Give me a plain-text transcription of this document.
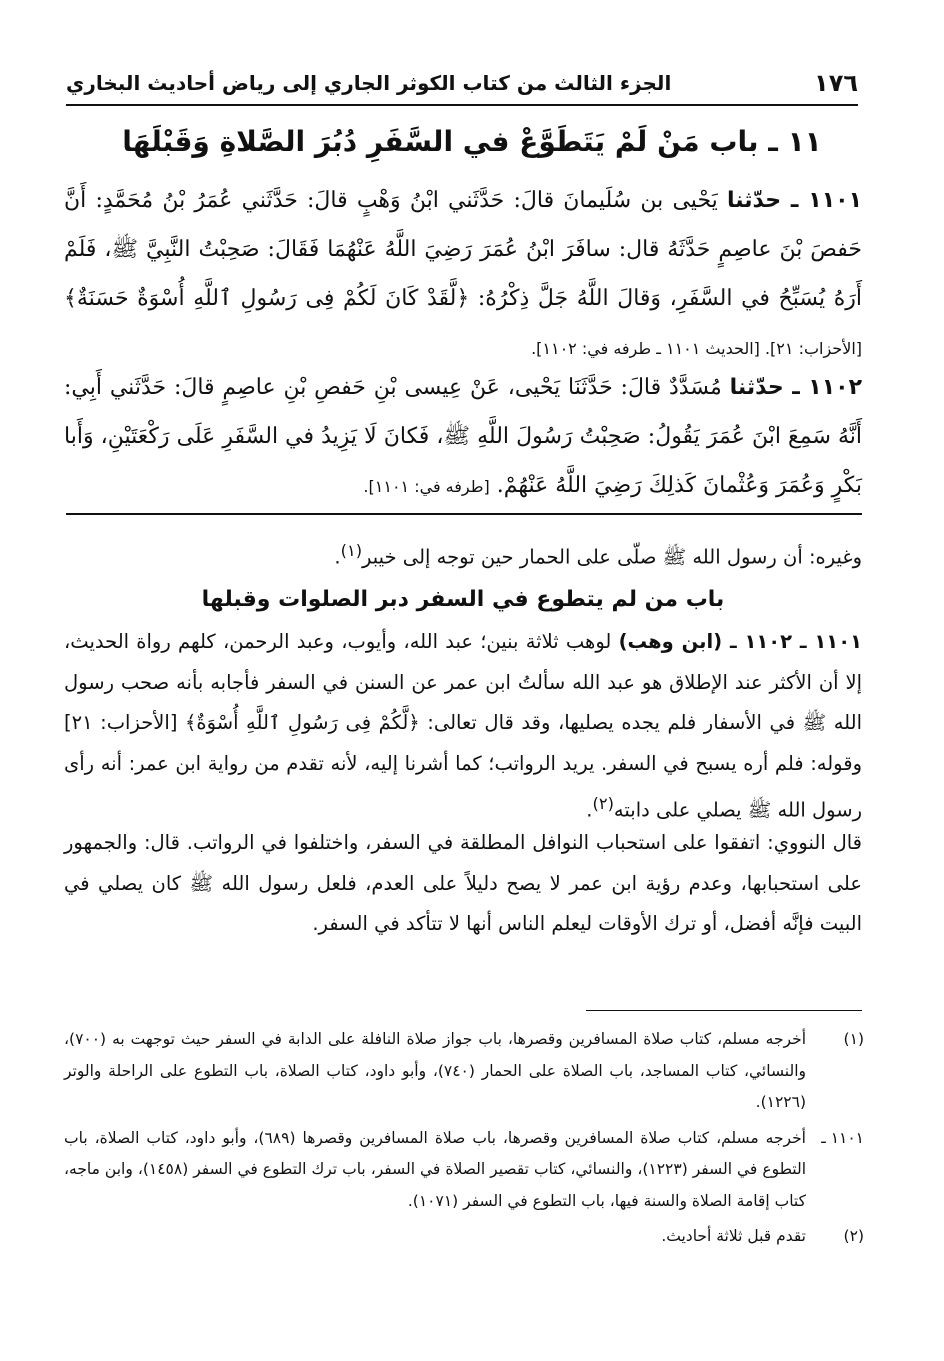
١٧٦
الجزء الثالث من كتاب الكوثر الجاري إلى رياض أحاديث البخاري
١١ ـ باب مَنْ لَمْ يَتَطَوَّعْ في السَّفَرِ دُبُرَ الصَّلاةِ وَقَبْلَهَا

١١٠١ ـ حدّثنا يَحْيى بن سُلَيمانَ قالَ: حَدَّثَني ابْنُ وَهْبٍ قالَ: حَدَّثَني عُمَرُ بْنُ مُحَمَّدٍ: أَنَّ حَفصَ بْنَ عاصِمٍ حَدَّثَهُ قال: سافَرَ ابْنُ عُمَرَ رَضِيَ اللَّهُ عَنْهُمَا فَقَالَ: صَحِبْتُ النَّبِيَّ ﷺ، فَلَمْ أَرَهُ يُسَبِّحُ في السَّفَرِ، وَقالَ اللَّهُ جَلَّ ذِكْرُهُ: ﴿لَّقَدْ كَانَ لَكُمْ فِى رَسُولِ ٱللَّهِ أُسْوَةٌ حَسَنَةٌ﴾ [الأحزاب: ٢١]. [الحديث ١١٠١ ـ طرفه في: ١١٠٢].

١١٠٢ ـ حدّثنا مُسَدَّدٌ قالَ: حَدَّثَنَا يَحْيى، عَنْ عِيسى بْنِ حَفصِ بْنِ عاصِمٍ قالَ: حَدَّثَني أَبِي: أَنَّهُ سَمِعَ ابْنَ عُمَرَ يَقُولُ: صَحِبْتُ رَسُولَ اللَّهِ ﷺ، فَكانَ لَا يَزِيدُ في السَّفَرِ عَلَى رَكْعَتَيْنِ، وَأَبا بَكْرٍ وَعُمَرَ وَعُثْمانَ كَذلِكَ رَضِيَ اللَّهُ عَنْهُمْ. [طرفه في: ١١٠١].

وغيره: أن رسول الله ﷺ صلّى على الحمار حين توجه إلى خيبر$^{(١)}$.

باب من لم يتطوع في السفر دبر الصلوات وقبلها

١١٠١ ـ ١١٠٢ ـ (ابن وهب) لوهب ثلاثة بنين؛ عبد الله، وأيوب، وعبد الرحمن، كلهم رواة الحديث، إلا أن الأكثر عند الإطلاق هو عبد الله سألتُ ابن عمر عن السنن في السفر فأجابه بأنه صحب رسول الله ﷺ في الأسفار فلم يجده يصليها، وقد قال تعالى: ﴿لَّكُمْ فِى رَسُولِ ٱللَّهِ أُسْوَةٌ﴾ [الأحزاب: ٢١] وقوله: فلم أره يسبح في السفر. يريد الرواتب؛ كما أشرنا إليه، لأنه تقدم من رواية ابن عمر: أنه رأى رسول الله ﷺ يصلي على دابته$^{(٢)}$.

قال النووي: اتفقوا على استحباب النوافل المطلقة في السفر، واختلفوا في الرواتب. قال: والجمهور على استحبابها، وعدم رؤية ابن عمر لا يصح دليلاً على العدم، فلعل رسول الله ﷺ كان يصلي في البيت فإنَّه أفضل، أو ترك الأوقات ليعلم الناس أنها لا تتأكد في السفر.

(١)
أخرجه مسلم، كتاب صلاة المسافرين وقصرها، باب جواز صلاة النافلة على الدابة في السفر حيث توجهت به (٧٠٠)، والنسائي، كتاب المساجد، باب الصلاة على الحمار (٧٤٠)، وأبو داود، كتاب الصلاة، باب التطوع على الراحلة والوتر (١٢٢٦).
١١٠١ ـ
أخرجه مسلم، كتاب صلاة المسافرين وقصرها، باب صلاة المسافرين وقصرها (٦٨٩)، وأبو داود، كتاب الصلاة، باب التطوع في السفر (١٢٢٣)، والنسائي، كتاب تقصير الصلاة في السفر، باب ترك التطوع في السفر (١٤٥٨)، وابن ماجه، كتاب إقامة الصلاة والسنة فيها، باب التطوع في السفر (١٠٧١).
(٢)
تقدم قبل ثلاثة أحاديث.
